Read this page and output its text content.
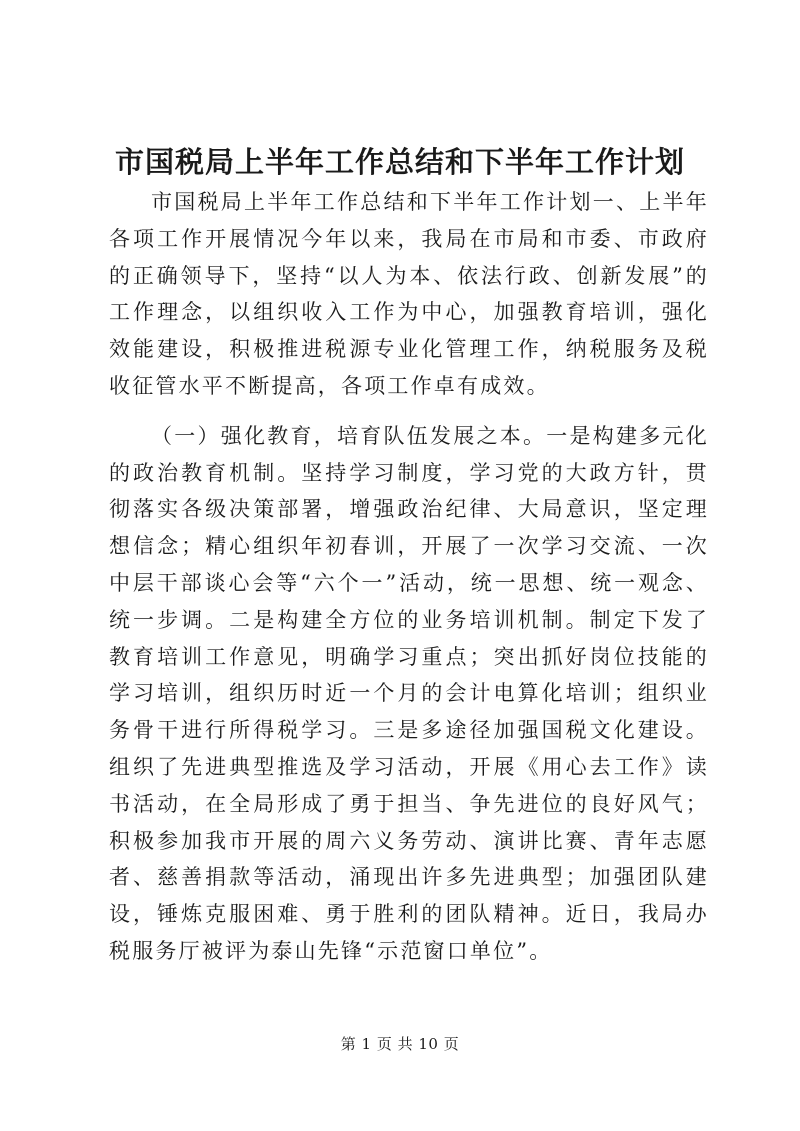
市国税局上半年工作总结和下半年工作计划

市国税局上半年工作总结和下半年工作计划一、上半年各项工作开展情况今年以来，我局在市局和市委、市政府的正确领导下，坚持“以人为本、依法行政、创新发展”的工作理念，以组织收入工作为中心，加强教育培训，强化效能建设，积极推进税源专业化管理工作，纳税服务及税收征管水平不断提高，各项工作卓有成效。

（一）强化教育，培育队伍发展之本。一是构建多元化的政治教育机制。坚持学习制度，学习党的大政方针，贯彻落实各级决策部署，增强政治纪律、大局意识，坚定理想信念；精心组织年初春训，开展了一次学习交流、一次中层干部谈心会等“六个一”活动，统一思想、统一观念、统一步调。二是构建全方位的业务培训机制。制定下发了教育培训工作意见，明确学习重点；突出抓好岗位技能的学习培训，组织历时近一个月的会计电算化培训；组织业务骨干进行所得税学习。三是多途径加强国税文化建设。组织了先进典型推选及学习活动，开展《用心去工作》读书活动，在全局形成了勇于担当、争先进位的良好风气；积极参加我市开展的周六义务劳动、演讲比赛、青年志愿者、慈善捐款等活动，涌现出许多先进典型；加强团队建设，锤炼克服困难、勇于胜利的团队精神。近日，我局办税服务厅被评为泰山先锋“示范窗口单位”。

第 1 页 共 10 页
